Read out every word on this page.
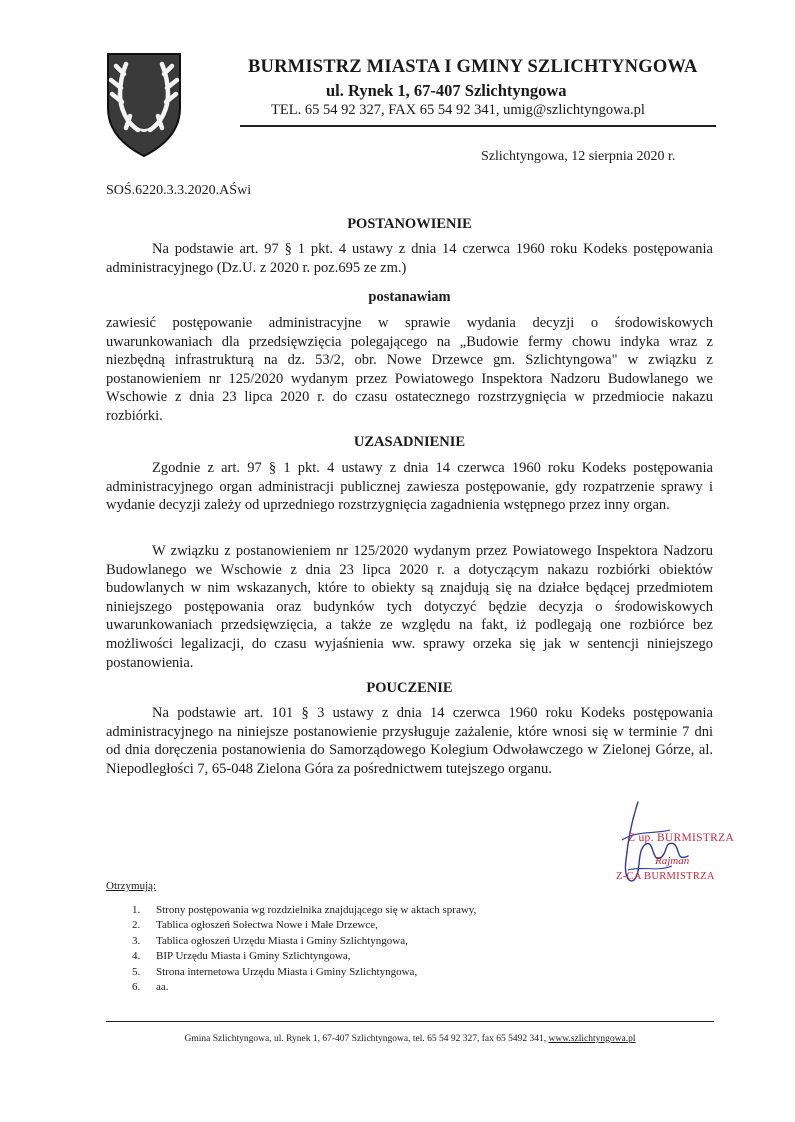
BURMISTRZ MIASTA I GMINY SZLICHTYNGOWA
ul. Rynek 1, 67-407 Szlichtyngowa
TEL. 65 54 92 327, FAX 65 54 92 341, umig@szlichtyngowa.pl
Szlichtyngowa, 12 sierpnia 2020 r.
SOŚ.6220.3.3.2020.AŚwi
POSTANOWIENIE

Na podstawie art. 97 § 1 pkt. 4 ustawy z dnia 14 czerwca 1960 roku Kodeks postępowania administracyjnego (Dz.U. z 2020 r. poz.695 ze zm.)

postanawiam

zawiesić postępowanie administracyjne w sprawie wydania decyzji o środowiskowych uwarunkowaniach dla przedsięwzięcia polegającego na „Budowie fermy chowu indyka wraz z niezbędną infrastrukturą na dz. 53/2, obr. Nowe Drzewce gm. Szlichtyngowa" w związku z postanowieniem nr 125/2020 wydanym przez Powiatowego Inspektora Nadzoru Budowlanego we Wschowie z dnia 23 lipca 2020 r. do czasu ostatecznego rozstrzygnięcia w przedmiocie nakazu rozbiórki.

UZASADNIENIE

Zgodnie z art. 97 § 1 pkt. 4 ustawy z dnia 14 czerwca 1960 roku Kodeks postępowania administracyjnego organ administracji publicznej zawiesza postępowanie, gdy rozpatrzenie sprawy i wydanie decyzji zależy od uprzedniego rozstrzygnięcia zagadnienia wstępnego przez inny organ.

W związku z postanowieniem nr 125/2020 wydanym przez Powiatowego Inspektora Nadzoru Budowlanego we Wschowie z dnia 23 lipca 2020 r. a dotyczącym nakazu rozbiórki obiektów budowlanych w nim wskazanych, które to obiekty są znajdują się na działce będącej przedmiotem niniejszego postępowania oraz budynków tych dotyczyć będzie decyzja o środowiskowych uwarunkowaniach przedsięwzięcia, a także ze względu na fakt, iż podlegają one rozbiórce bez możliwości legalizacji, do czasu wyjaśnienia ww. sprawy orzeka się jak w sentencji niniejszego postanowienia.

POUCZENIE

Na podstawie art. 101 § 3 ustawy z dnia 14 czerwca 1960 roku Kodeks postępowania administracyjnego na niniejsze postanowienie przysługuje zażalenie, które wnosi się w terminie 7 dni od dnia doręczenia postanowienia do Samorządowego Kolegium Odwoławczego w Zielonej Górze, al. Niepodległości 7, 65-048 Zielona Góra za pośrednictwem tutejszego organu.

Z up. BURMISTRZA
Rajman
Z-CA BURMISTRZA
Otrzymują:
1. Strony postępowania wg rozdzielnika znajdującego się w aktach sprawy,
2. Tablica ogłoszeń Sołectwa Nowe i Małe Drzewce,
3. Tablica ogłoszeń Urzędu Miasta i Gminy Szlichtyngowa,
4. BIP Urzędu Miasta i Gminy Szlichtyngowa,
5. Strona internetowa Urzędu Miasta i Gminy Szlichtyngowa,
6. aa.
Gmina Szlichtyngowa, ul. Rynek 1, 67-407 Szlichtyngowa, tel. 65 54 92 327, fax 65 5492 341, www.szlichtyngowa.pl
